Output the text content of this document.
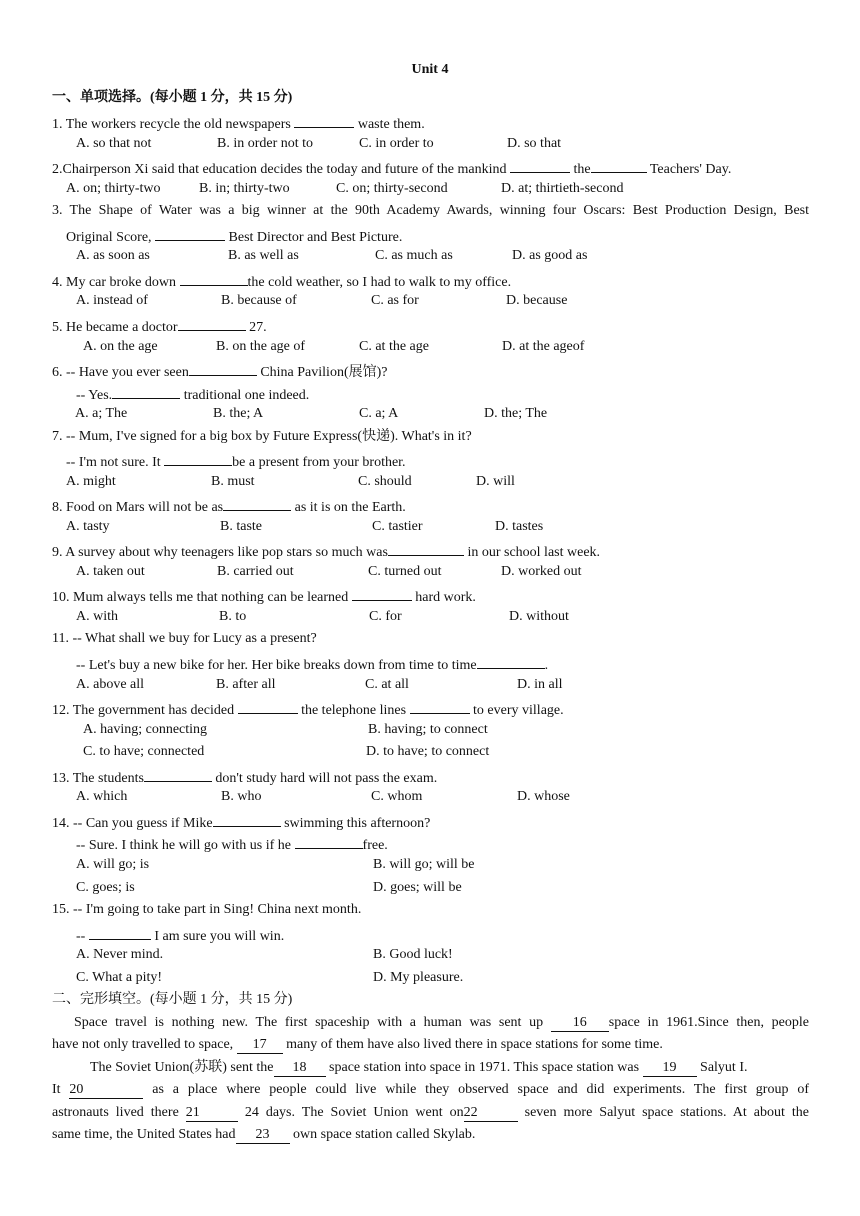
Unit 4
一、单项选择。(每小题 1 分，共 15 分)
1. The workers recycle the old newspapers	waste them.
A. so that not	B. in order not to	C. in order to	D. so that
2.Chairperson Xi said that education decides the today and future of the mankind	the	Teachers' Day.
A. on; thirty-two	B. in; thirty-two	C. on; thirty-second	D. at; thirtieth-second
3. The Shape of Water was a big winner at the 90th Academy Awards, winning four Oscars: Best Production Design, Best
Original Score,	Best Director and Best Picture.
A. as soon as	B. as well as	C. as much as	D. as good as
4. My car broke down	the cold weather, so I had to walk to my office.
A. instead of	B. because of	C. as for	D. because
5. He became a doctor	27.
A. on the age	B. on the age of	C. at the age	D. at the ageof
6. -- Have you ever seen	China Pavilion(展馆)?
-- Yes.	traditional one indeed.
A. a; The	B. the; A	C. a; A	D. the; The
7. -- Mum, I've signed for a big box by Future Express(快递). What's in it?
-- I'm not sure. It	be a present from your brother.
A. might	B. must	C. should	D. will
8. Food on Mars will not be as	as it is on the Earth.
A. tasty	B. taste	C. tastier	D. tastes
9. A survey about why teenagers like pop stars so much was	in our school last week.
A. taken out	B. carried out	C. turned out	D. worked out
10. Mum always tells me that nothing can be learned	hard work.
A. with	B. to	C. for	D. without
11. -- What shall we buy for Lucy as a present?
-- Let's buy a new bike for her. Her bike breaks down from time to time	.
A. above all	B. after all	C. at all	D. in all
12. The government has decided	the telephone lines	to every village.
A. having; connecting	B. having; to connect
C. to have; connected	D. to have; to connect
13. The students	don't study hard will not pass the exam.
A. which	B. who	C. whom	D. whose
14. -- Can you guess if Mike	swimming this afternoon?
-- Sure. I think he will go with us if he	free.
A. will go; is	B. will go; will be
C. goes; is	D. goes; will be
15. -- I'm going to take part in Sing! China next month.
--	I am sure you will win.
A. Never mind.	B. Good luck!
C. What a pity!	D. My pleasure.
二、完形填空。(每小题 1 分，共 15 分)
Space travel is nothing new. The first spaceship with a human was sent up 16 space in 1961.Since then, people
have not only travelled to space, 17 many of them have also lived there in space stations for some time.
The Soviet Union(苏联) sent the 18 space station into space in 1971. This space station was 19 Salyut I.
It 20	as a place where people could live while they observed space and did experiments. The first group of
astronauts lived there 21	24 days. The Soviet Union went on22	seven more Salyut space stations. At about the
same time, the United States had 23 own space station called Skylab.
